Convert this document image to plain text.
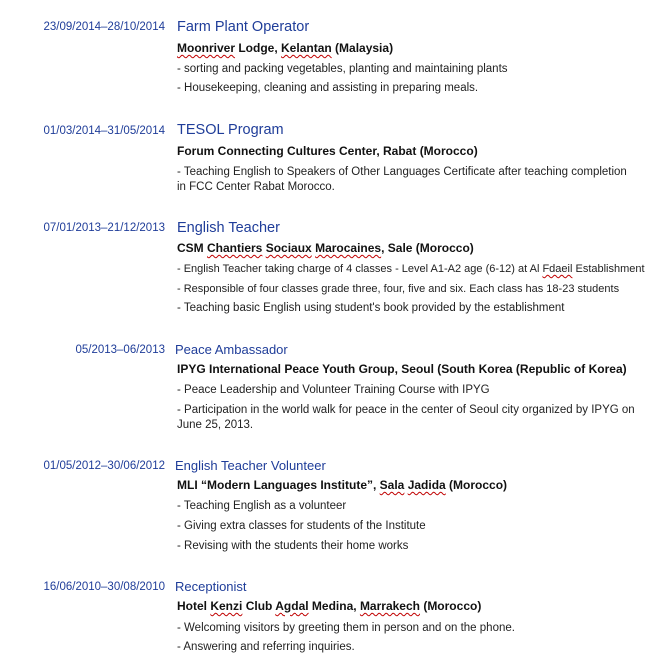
23/09/2014–28/10/2014 Farm Plant Operator
Moonriver Lodge, Kelantan (Malaysia)
- sorting and packing vegetables, planting and maintaining plants
- Housekeeping, cleaning and assisting in preparing meals.
01/03/2014–31/05/2014 TESOL Program
Forum Connecting Cultures Center, Rabat (Morocco)
- Teaching English to Speakers of Other Languages Certificate after teaching completion in FCC Center Rabat Morocco.
07/01/2013–21/12/2013 English Teacher
CSM Chantiers Sociaux Marocaines, Sale (Morocco)
- English Teacher taking charge of 4 classes - Level A1-A2 age (6-12) at Al Fdaeil Establishment
- Responsible of four classes grade three, four, five and six. Each class has 18-23 students
- Teaching basic English using student's book provided by the establishment
05/2013–06/2013 Peace Ambassador
IPYG International Peace Youth Group, Seoul (South Korea (Republic of Korea)
- Peace Leadership and Volunteer Training Course with IPYG
- Participation in the world walk for peace in the center of Seoul city organized by IPYG on June 25, 2013.
01/05/2012–30/06/2012 English Teacher Volunteer
MLI “Modern Languages Institute”, Sala Jadida (Morocco)
- Teaching English as a volunteer
- Giving extra classes for students of the Institute
- Revising with the students their home works
16/06/2010–30/08/2010 Receptionist
Hotel Kenzi Club Agdal Medina, Marrakech (Morocco)
- Welcoming visitors by greeting them in person and on the phone.
- Answering and referring inquiries.
